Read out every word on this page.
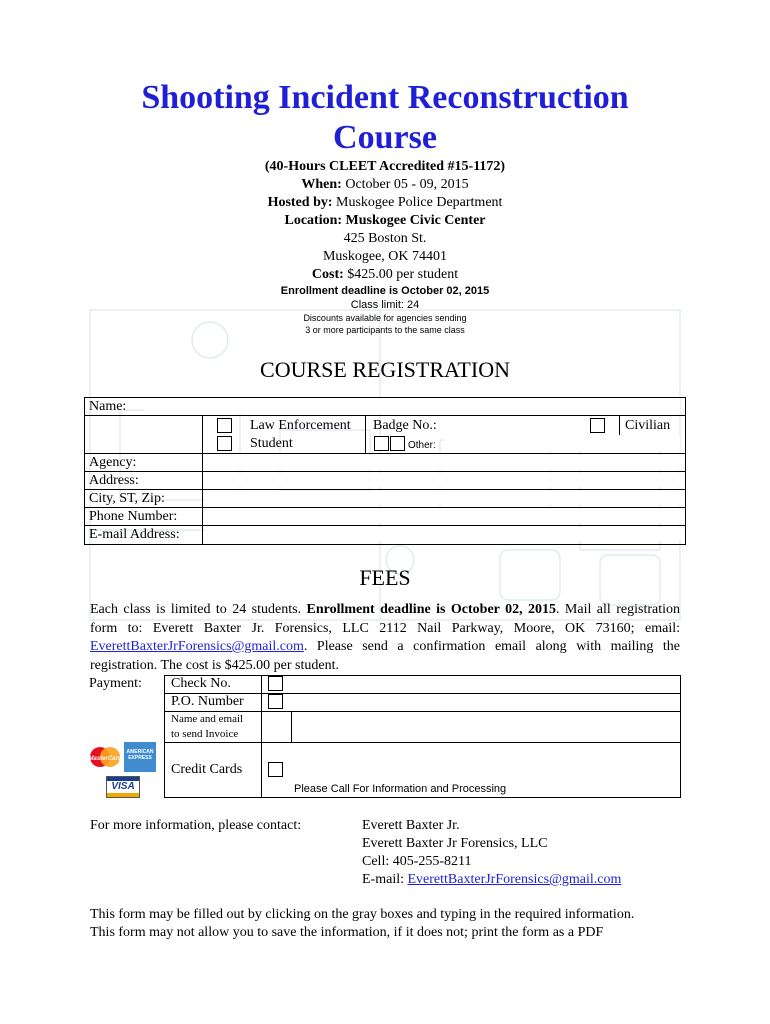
Shooting Incident Reconstruction
Course
(40-Hours CLEET Accredited #15-1172)
When: October 05 - 09, 2015
Hosted by: Muskogee Police Department
Location: Muskogee Civic Center
425 Boston St.
Muskogee, OK 74401
Cost: $425.00 per student
Enrollment deadline is October 02, 2015
Class limit: 24
Discounts available for agencies sending
3 or more participants to the same class
COURSE REGISTRATION
Name:
Law Enforcement
Student
Badge No.:	Civilian
Other:
Agency:
Address:
City, ST, Zip:
Phone Number:
E-mail Address:
FEES
Each class is limited to 24 students. Enrollment deadline is October 02, 2015. Mail all registration form to: Everett Baxter Jr. Forensics, LLC 2112 Nail Parkway, Moore, OK 73160; email: EverettBaxterJrForensics@gmail.com. Please send a confirmation email along with mailing the registration. The cost is $425.00 per student.
Payment: Check No.
P.O. Number
Name and email
to send Invoice
MasterCard
AMERICAN EXPRESS
VISA
Credit Cards
Please Call For Information and Processing
For more information, please contact:	Everett Baxter Jr.
Everett Baxter Jr Forensics, LLC
Cell: 405-255-8211
E-mail: EverettBaxterJrForensics@gmail.com
This form may be filled out by clicking on the gray boxes and typing in the required information.
This form may not allow you to save the information, if it does not; print the form as a PDF
